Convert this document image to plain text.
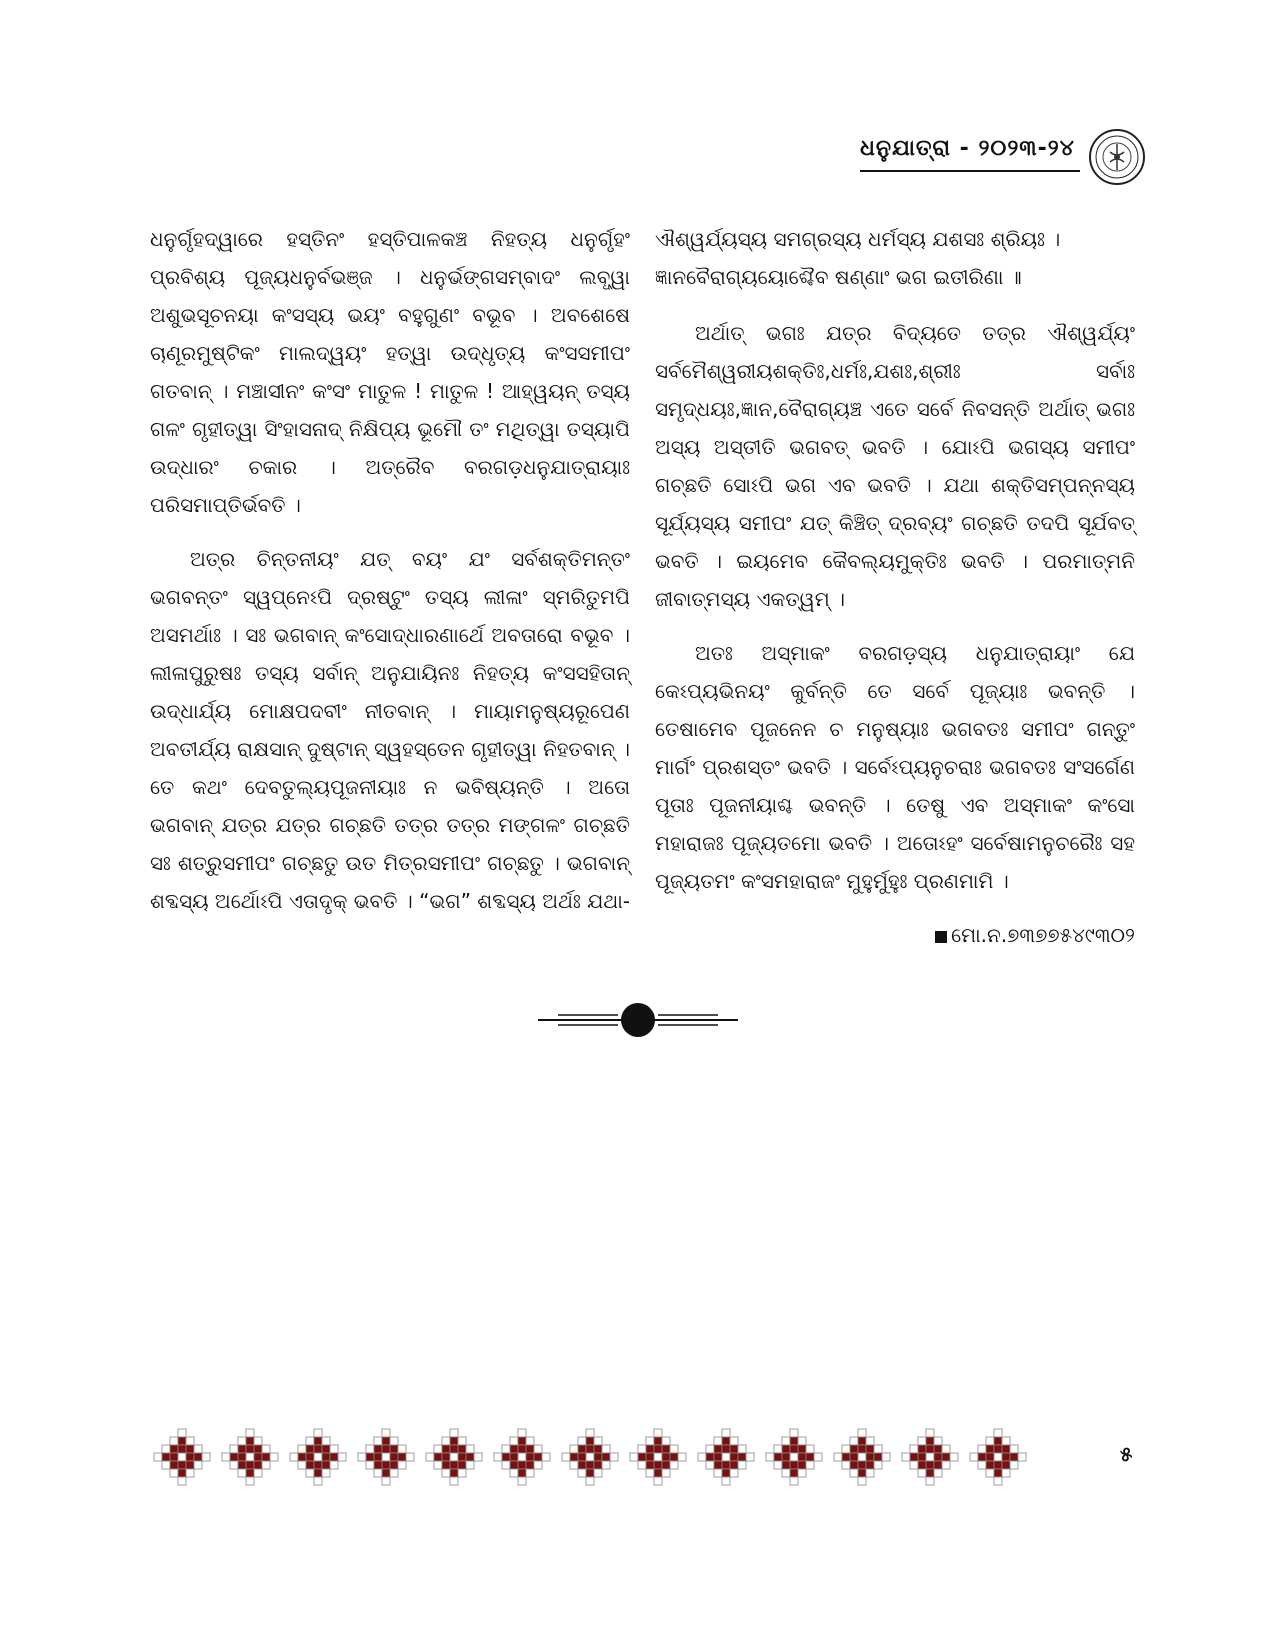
ଧନୁଯାତ୍ରା - ୨୦୨୩-୨୪

ଧନୁର୍ଗୃହଦ୍ୱାରେ ହସ୍ତିନଂ ହସ୍ତିପାଳକଞ୍ଚ ନିହତ୍ୟ ଧନୁର୍ଗୃହଂ ପ୍ରବିଶ୍ୟ ପୂଜ୍ୟଧନୁର୍ବଭଞ୍ଜ । ଧନୁର୍ଭଙ୍ଗସମ୍ବାଦଂ ଲବ୍ଧ୍ୱା ଅଶୁଭସୂଚନୟା କଂସସ୍ୟ ଭୟଂ ବହୁଗୁଣଂ ବଭୂବ । ଅବଶେଷେ ଚାଣୂରମୁଷ୍ଟିକଂ ମାଲଦ୍ୱୟଂ ହତ୍ୱା ଉଦ୍ଧୃତ୍ୟ କଂସସମୀପଂ ଗତବାନ୍ । ମଞ୍ଚାସୀନଂ କଂସଂ ମାତୁଳ ! ମାତୁଳ ! ଆହ୍ୱୟନ୍ ତସ୍ୟ ଗଳଂ ଗୃହୀତ୍ୱା ସିଂହାସନାଦ୍ ନିକ୍ଷିପ୍ୟ ଭୂମୌ ତଂ ମଥିତ୍ୱା ତସ୍ୟାପି ଉଦ୍ଧାରଂ ଚକାର । ଅତ୍ରୈବ ବରଗଡ଼ଧନୁଯାତ୍ରାୟାଃ ପରିସମାପ୍ତିର୍ଭବତି ।

ଅତ୍ର ଚିନ୍ତନୀୟଂ ଯତ୍ ବୟଂ ଯଂ ସର୍ବଶକ୍ତିମନ୍ତଂ ଭଗବନ୍ତଂ ସ୍ୱପ୍ନେଽପି ଦ୍ରଷ୍ଟୁଂ ତସ୍ୟ ଲୀଳାଂ ସ୍ମରିତୁମପି ଅସମର୍ଥାଃ । ସଃ ଭଗବାନ୍ କଂସୋଦ୍ଧାରଣାର୍ଥେ ଅବତାରୋ ବଭୂବ । ଲୀଳାପୁରୁଷଃ ତସ୍ୟ ସର୍ବାନ୍ ଅନୁଯାୟିନଃ ନିହତ୍ୟ କଂସସହିତାନ୍ ଉଦ୍ଧାର୍ଯ୍ୟ ମୋକ୍ଷପଦବୀଂ ନୀତବାନ୍ । ମାୟାମନୁଷ୍ୟରୂପେଣ ଅବତୀର୍ଯ୍ୟ ରାକ୍ଷସାନ୍ ଦୁଷ୍ଟାନ୍ ସ୍ୱହସ୍ତେନ ଗୃହୀତ୍ୱା ନିହତବାନ୍ । ତେ କଥଂ ଦେବତୁଲ୍ୟପୂଜନୀୟାଃ ନ ଭବିଷ୍ୟନ୍ତି । ଅତୋ ଭଗବାନ୍ ଯତ୍ର ଯତ୍ର ଗଚ୍ଛତି ତତ୍ର ତତ୍ର ମଙ୍ଗଳଂ ଗଚ୍ଛତି ସଃ ଶତ୍ରୁସମୀପଂ ଗଚ୍ଛତୁ ଉତ ମିତ୍ରସମୀପଂ ଗଚ୍ଛତୁ । ଭଗବାନ୍ ଶବ୍ଦସ୍ୟ ଅର୍ଥୋଽପି ଏତାଦୃକ୍ ଭବତି । “ଭଗ” ଶବ୍ଦସ୍ୟ ଅର୍ଥଃ ଯଥା-

ଐଶ୍ୱର୍ଯ୍ୟସ୍ୟ ସମଗ୍ରସ୍ୟ ଧର୍ମସ୍ୟ ଯଶସଃ ଶ୍ରିୟଃ ।
ଜ୍ଞାନବୈରାଗ୍ୟୟୋଶ୍ଚୈବ ଷଣ୍ଣାଂ ଭଗ ଇତୀରିଣା ॥

ଅର୍ଥାତ୍ ଭଗଃ ଯତ୍ର ବିଦ୍ୟତେ ତତ୍ର ଐଶ୍ୱର୍ଯ୍ୟଂ ସର୍ବମୈଶ୍ୱରୀୟଶକ୍ତିଃ,ଧର୍ମଃ,ଯଶଃ,ଶ୍ରୀଃ ସର୍ବାଃ ସମୃଦ୍ଧୟଃ,ଜ୍ଞାନ,ବୈରାଗ୍ୟଞ୍ଚ ଏତେ ସର୍ବେ ନିବସନ୍ତି ଅର୍ଥାତ୍ ଭଗଃ ଅସ୍ୟ ଅସ୍ତୀତି ଭଗବତ୍ ଭବତି । ଯୋଽପି ଭଗସ୍ୟ ସମୀପଂ ଗଚ୍ଛତି ସୋଽପି ଭଗ ଏବ ଭବତି । ଯଥା ଶକ୍ତିସମ୍ପନ୍ନସ୍ୟ ସୂର୍ଯ୍ୟସ୍ୟ ସମୀପଂ ଯତ୍ କିଞ୍ଚିତ୍ ଦ୍ରବ୍ୟଂ ଗଚ୍ଛତି ତଦପି ସୂର୍ଯବତ୍ ଭବତି । ଇୟମେବ କୈବଲ୍ୟମୁକ୍ତିଃ ଭବତି । ପରମାତ୍ମନି ଜୀବାତ୍ମସ୍ୟ ଏକତ୍ୱମ୍ ।

ଅତଃ ଅସ୍ମାକଂ ବରଗଡ଼ସ୍ୟ ଧନୁଯାତ୍ରାୟାଂ ଯେ କେଽପ୍ୟଭିନୟଂ କୁର୍ବନ୍ତି ତେ ସର୍ବେ ପୂଜ୍ୟାଃ ଭବନ୍ତି । ତେଷାମେବ ପୂଜନେନ ଚ ମନୁଷ୍ୟାଃ ଭଗବତଃ ସମୀପଂ ଗନ୍ତୁଂ ମାର୍ଗଂ ପ୍ରଶସ୍ତଂ ଭବତି । ସର୍ବେଽପ୍ୟନୁଚରାଃ ଭଗବତଃ ସଂସର୍ଗେଣ ପୂତାଃ ପୂଜନୀୟାଶ୍ଚ ଭବନ୍ତି । ତେଷୁ ଏବ ଅସ୍ମାକଂ କଂସୋ ମହାରାଜଃ ପୂଜ୍ୟତମୋ ଭବତି । ଅତୋଽହଂ ସର୍ବେଷାମନୁଚରୈଃ ସହ ପୂଜ୍ୟତମଂ କଂସମହାରାଜଂ ମୁହୁର୍ମୁହୁଃ ପ୍ରଣମାମି ।

ମୋ.ନ.୭୩୭୭୫୪୯୩୦୨
୫
